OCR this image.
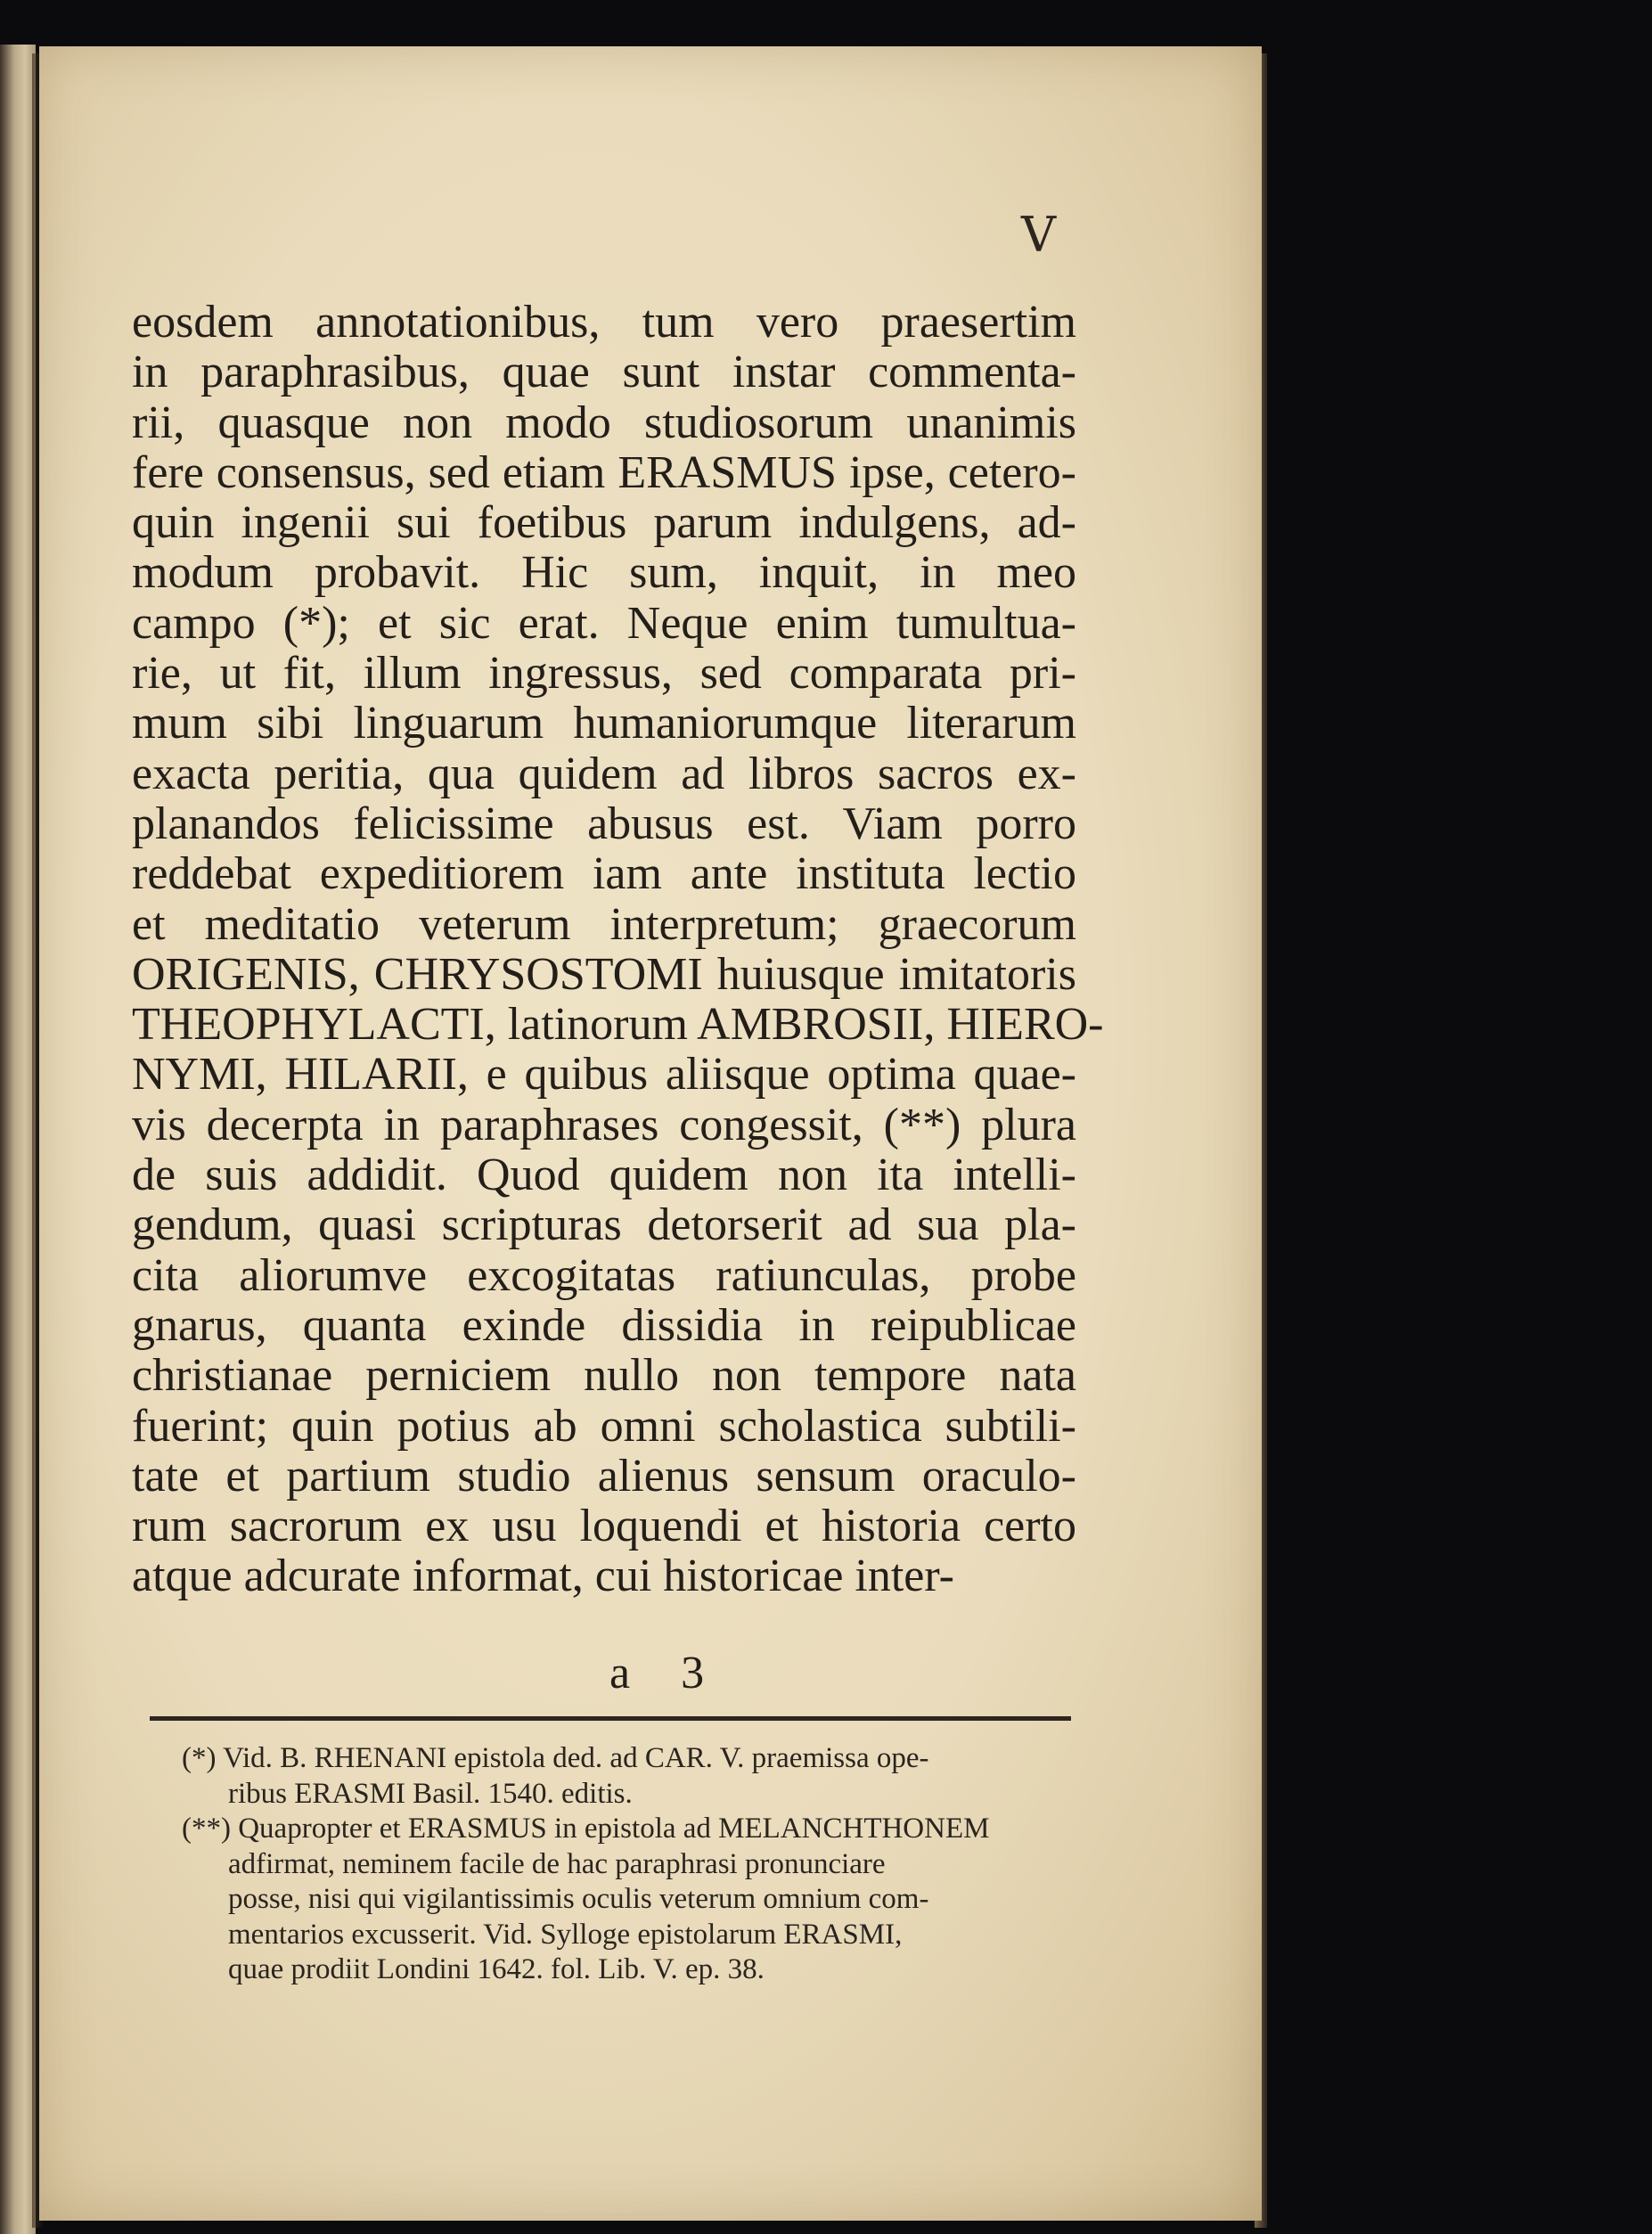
V
eosdem annotationibus, tum vero praesertim
in paraphrasibus, quae sunt instar commenta-
rii, quasque non modo studiosorum unanimis
fere consensus, sed etiam ERASMUS ipse, cetero-
quin ingenii sui foetibus parum indulgens, ad-
modum probavit. Hic sum, inquit, in meo
campo (*); et sic erat. Neque enim tumultua-
rie, ut fit, illum ingressus, sed comparata pri-
mum sibi linguarum humaniorumque literarum
exacta peritia, qua quidem ad libros sacros ex-
planandos felicissime abusus est. Viam porro
reddebat expeditiorem iam ante instituta lectio
et meditatio veterum interpretum; graecorum
ORIGENIS, CHRYSOSTOMI huiusque imitatoris
THEOPHYLACTI, latinorum AMBROSII, HIERO-
NYMI, HILARII, e quibus aliisque optima quae-
vis decerpta in paraphrases congessit, (**) plura
de suis addidit. Quod quidem non ita intelli-
gendum, quasi scripturas detorserit ad sua pla-
cita aliorumve excogitatas ratiunculas, probe
gnarus, quanta exinde dissidia in reipublicae
christianae perniciem nullo non tempore nata
fuerint; quin potius ab omni scholastica subtili-
tate et partium studio alienus sensum oraculo-
rum sacrorum ex usu loquendi et historia certo
atque adcurate informat, cui historicae inter-
a 3
(*) Vid. B. RHENANI epistola ded. ad CAR. V. praemissa ope-
ribus ERASMI Basil. 1540. editis.
(**) Quapropter et ERASMUS in epistola ad MELANCHTHONEM
adfirmat, neminem facile de hac paraphrasi pronunciare
posse, nisi qui vigilantissimis oculis veterum omnium com-
mentarios excusserit. Vid. Sylloge epistolarum ERASMI,
quae prodiit Londini 1642. fol. Lib. V. ep. 38.
